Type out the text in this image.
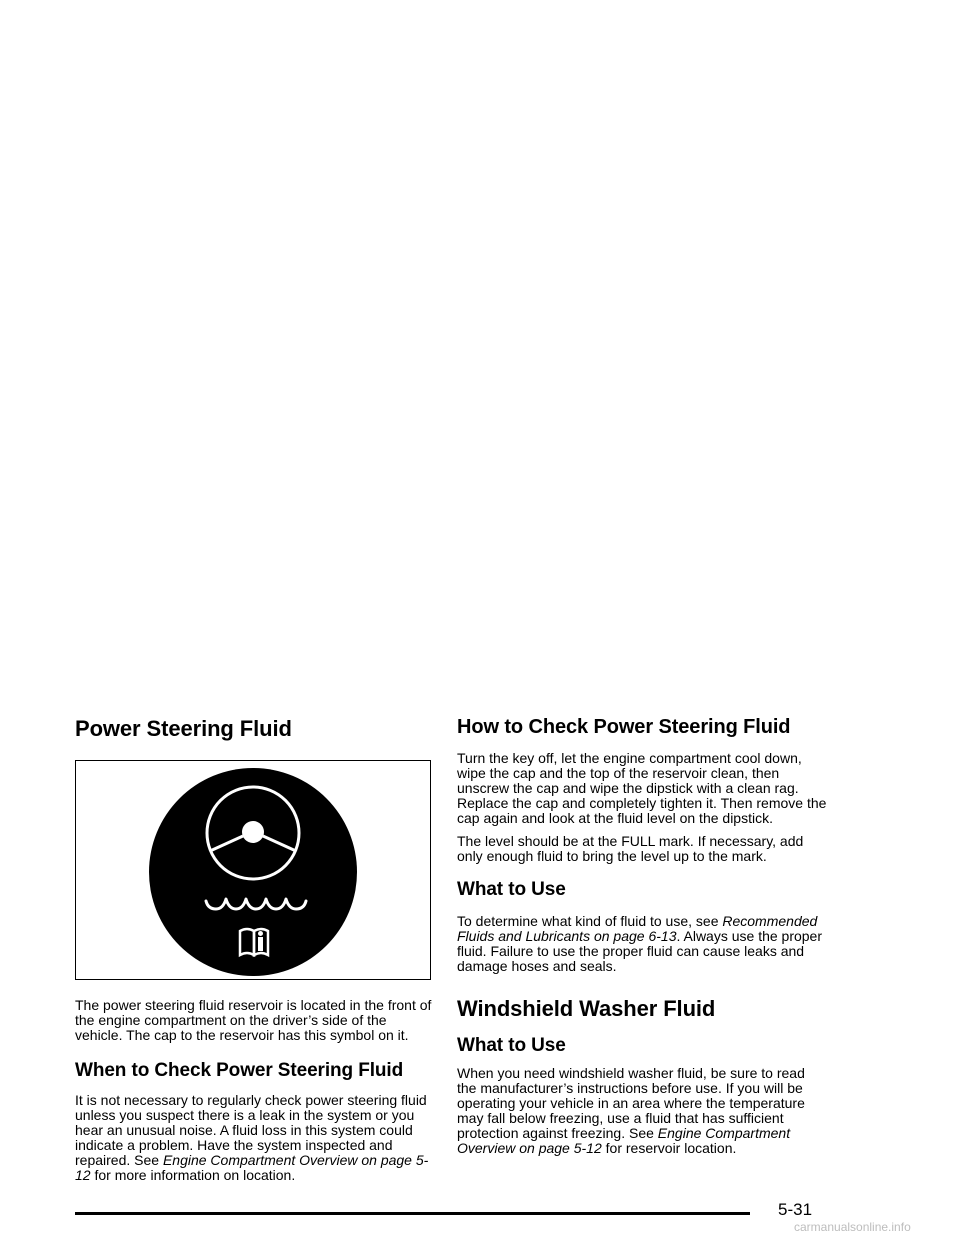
Power Steering Fluid

The power steering fluid reservoir is located in the front of the engine compartment on the driver’s side of the vehicle. The cap to the reservoir has this symbol on it.

When to Check Power Steering Fluid

It is not necessary to regularly check power steering fluid unless you suspect there is a leak in the system or you hear an unusual noise. A fluid loss in this system could indicate a problem. Have the system inspected and repaired. See Engine Compartment Overview on page 5-12 for more information on location.

How to Check Power Steering Fluid

Turn the key off, let the engine compartment cool down, wipe the cap and the top of the reservoir clean, then unscrew the cap and wipe the dipstick with a clean rag. Replace the cap and completely tighten it. Then remove the cap again and look at the fluid level on the dipstick.

The level should be at the FULL mark. If necessary, add only enough fluid to bring the level up to the mark.

What to Use

To determine what kind of fluid to use, see Recommended Fluids and Lubricants on page 6-13. Always use the proper fluid. Failure to use the proper fluid can cause leaks and damage hoses and seals.

Windshield Washer Fluid
What to Use

When you need windshield washer fluid, be sure to read the manufacturer’s instructions before use. If you will be operating your vehicle in an area where the temperature may fall below freezing, use a fluid that has sufficient protection against freezing. See Engine Compartment Overview on page 5-12 for reservoir location.

5-31
carmanualsonline.info
